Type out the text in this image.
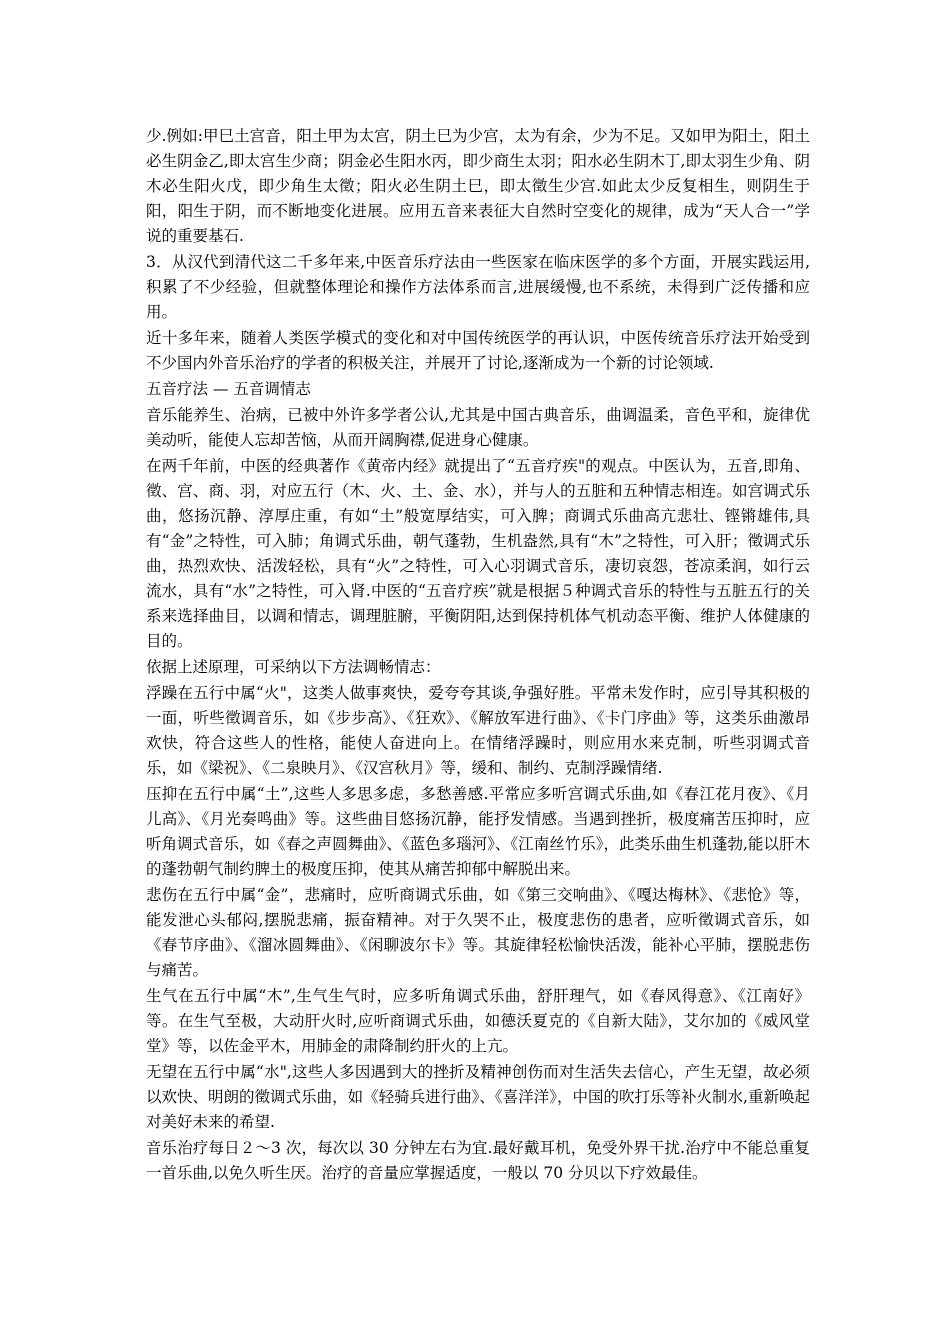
少.例如:甲巳土宫音，阳土甲为太宫，阴土巳为少宫，太为有余，少为不足。又如甲为阳土，阳土必生阴金乙,即太宫生少商；阴金必生阳水丙，即少商生太羽；阳水必生阴木丁,即太羽生少角、阴木必生阳火戊，即少角生太徵；阳火必生阴土巳，即太徵生少宫.如此太少反复相生，则阴生于阳，阳生于阴，而不断地变化进展。应用五音来表征大自然时空变化的规律，成为“天人合一”学说的重要基石.

3．从汉代到清代这二千多年来,中医音乐疗法由一些医家在临床医学的多个方面，开展实践运用,积累了不少经验，但就整体理论和操作方法体系而言,进展缓慢,也不系统，未得到广泛传播和应用。

近十多年来，随着人类医学模式的变化和对中国传统医学的再认识，中医传统音乐疗法开始受到不少国内外音乐治疗的学者的积极关注，并展开了讨论,逐渐成为一个新的讨论领域.

五音疗法 — 五音调情志

音乐能养生、治病，已被中外许多学者公认,尤其是中国古典音乐，曲调温柔，音色平和，旋律优美动听，能使人忘却苦恼，从而开阔胸襟,促进身心健康。

在两千年前，中医的经典著作《黄帝内经》就提出了“五音疗疾"的观点。中医认为，五音,即角、徵、宫、商、羽，对应五行（木、火、土、金、水），并与人的五脏和五种情志相连。如宫调式乐曲，悠扬沉静、淳厚庄重，有如“土”般宽厚结实，可入脾；商调式乐曲高亢悲壮、铿锵雄伟,具有“金”之特性，可入肺；角调式乐曲，朝气蓬勃，生机盎然,具有“木”之特性，可入肝；徵调式乐曲，热烈欢快、活泼轻松，具有“火”之特性，可入心羽调式音乐，凄切哀怨，苍凉柔润，如行云流水，具有“水”之特性，可入肾.中医的“五音疗疾”就是根据５种调式音乐的特性与五脏五行的关系来选择曲目，以调和情志，调理脏腑，平衡阴阳,达到保持机体气机动态平衡、维护人体健康的目的。

依据上述原理，可采纳以下方法调畅情志：

浮躁在五行中属“火"，这类人做事爽快，爱夸夸其谈,争强好胜。平常未发作时，应引导其积极的一面，听些徵调音乐，如《步步高》、《狂欢》、《解放军进行曲》、《卡门序曲》等，这类乐曲激昂欢快，符合这些人的性格，能使人奋进向上。在情绪浮躁时，则应用水来克制，听些羽调式音乐，如《梁祝》、《二泉映月》、《汉宫秋月》等，缓和、制约、克制浮躁情绪.

压抑在五行中属“土”,这些人多思多虑，多愁善感.平常应多听宫调式乐曲,如《春江花月夜》、《月儿高》、《月光奏鸣曲》等。这些曲目悠扬沉静，能抒发情感。当遇到挫折，极度痛苦压抑时，应听角调式音乐，如《春之声圆舞曲》、《蓝色多瑙河》、《江南丝竹乐》，此类乐曲生机蓬勃,能以肝木的蓬勃朝气制约脾土的极度压抑，使其从痛苦抑郁中解脱出来。

悲伤在五行中属“金”，悲痛时，应听商调式乐曲，如《第三交响曲》、《嘎达梅林》、《悲怆》等，能发泄心头郁闷,摆脱悲痛，振奋精神。对于久哭不止，极度悲伤的患者，应听徵调式音乐，如《春节序曲》、《溜冰圆舞曲》、《闲聊波尔卡》等。其旋律轻松愉快活泼，能补心平肺，摆脱悲伤与痛苦。

生气在五行中属“木”,生气生气时，应多听角调式乐曲，舒肝理气，如《春风得意》、《江南好》等。在生气至极，大动肝火时,应听商调式乐曲，如德沃夏克的《自新大陆》，艾尔加的《威风堂堂》等，以佐金平木，用肺金的肃降制约肝火的上亢。

无望在五行中属“水",这些人多因遇到大的挫折及精神创伤而对生活失去信心，产生无望，故必须以欢快、明朗的徵调式乐曲，如《轻骑兵进行曲》、《喜洋洋》，中国的吹打乐等补火制水,重新唤起对美好未来的希望.

音乐治疗每日２～3 次，每次以 30 分钟左右为宜.最好戴耳机，免受外界干扰.治疗中不能总重复一首乐曲,以免久听生厌。治疗的音量应掌握适度，一般以 70 分贝以下疗效最佳。
